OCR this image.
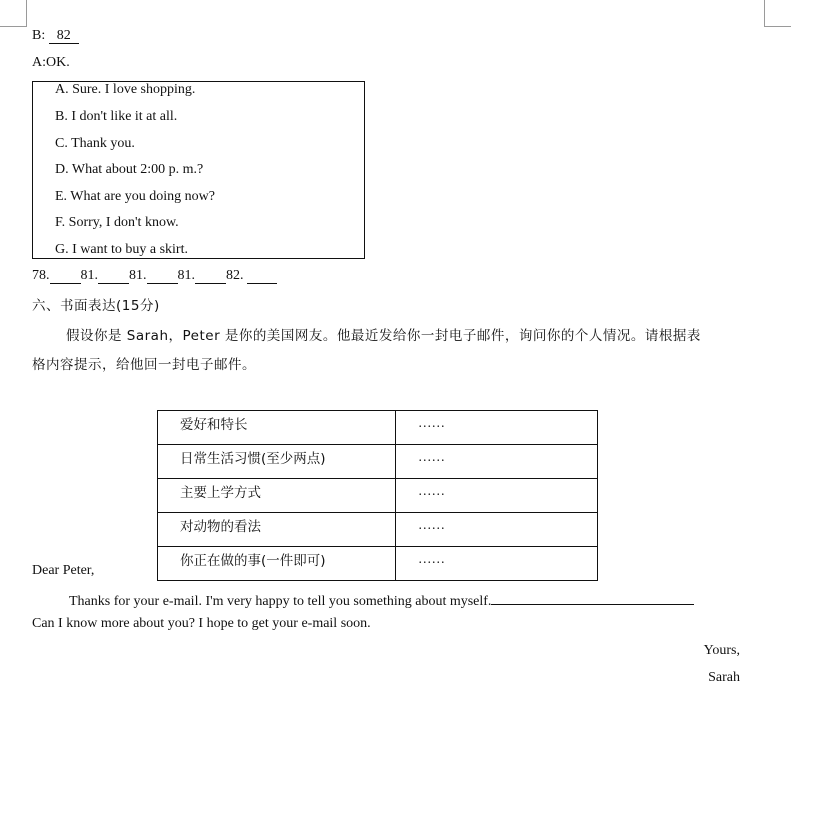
B: 82
A:OK.
A. Sure. I love shopping.
B. I don't like it at all.
C. Thank you.
D. What about 2:00 p. m.?
E. What are you doing now?
F. Sorry, I don't know.
G. I want to buy a skirt.
78. 81. 81. 81. 82.
六、书面表达(15分)
假设你是 Sarah，Peter 是你的美国网友。他最近发给你一封电子邮件，询问你的个人情况。请根据表
格内容提示，给他回一封电子邮件。
爱好和特长	……
日常生活习惯(至少两点)	……
主要上学方式	……
对动物的看法	……
你正在做的事(一件即可)	……
Dear Peter,
Thanks for your e-mail. I'm very happy to tell you something about myself.
Can I know more about you? I hope to get your e-mail soon.
Yours,
Sarah
